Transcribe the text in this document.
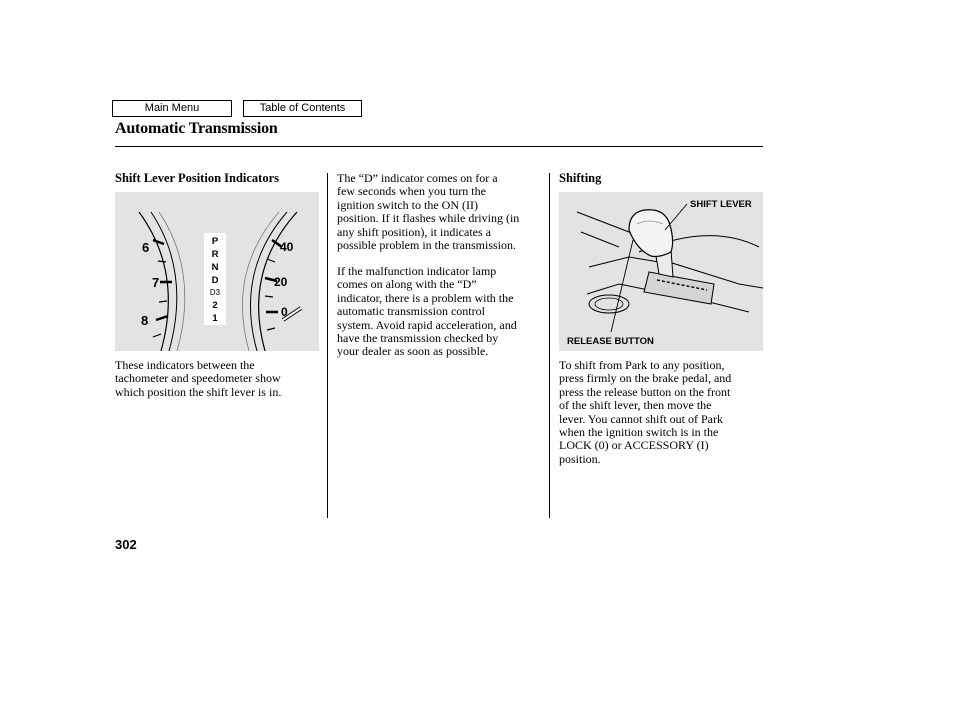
Main Menu	Table of Contents
Automatic Transmission
Shift Lever Position Indicators
6
7
8
P
R
N
D
D3
2
1
40
20
0

These indicators between the
tachometer and speedometer show
which position the shift lever is in.

The “D” indicator comes on for a
few seconds when you turn the
ignition switch to the ON (II)
position. If it flashes while driving (in
any shift position), it indicates a
possible problem in the transmission.

If the malfunction indicator lamp
comes on along with the “D”
indicator, there is a problem with the
automatic transmission control
system. Avoid rapid acceleration, and
have the transmission checked by
your dealer as soon as possible.

Shifting
SHIFT LEVER
RELEASE BUTTON

To shift from Park to any position,
press firmly on the brake pedal, and
press the release button on the front
of the shift lever, then move the
lever. You cannot shift out of Park
when the ignition switch is in the
LOCK (0) or ACCESSORY (I)
position.

302
